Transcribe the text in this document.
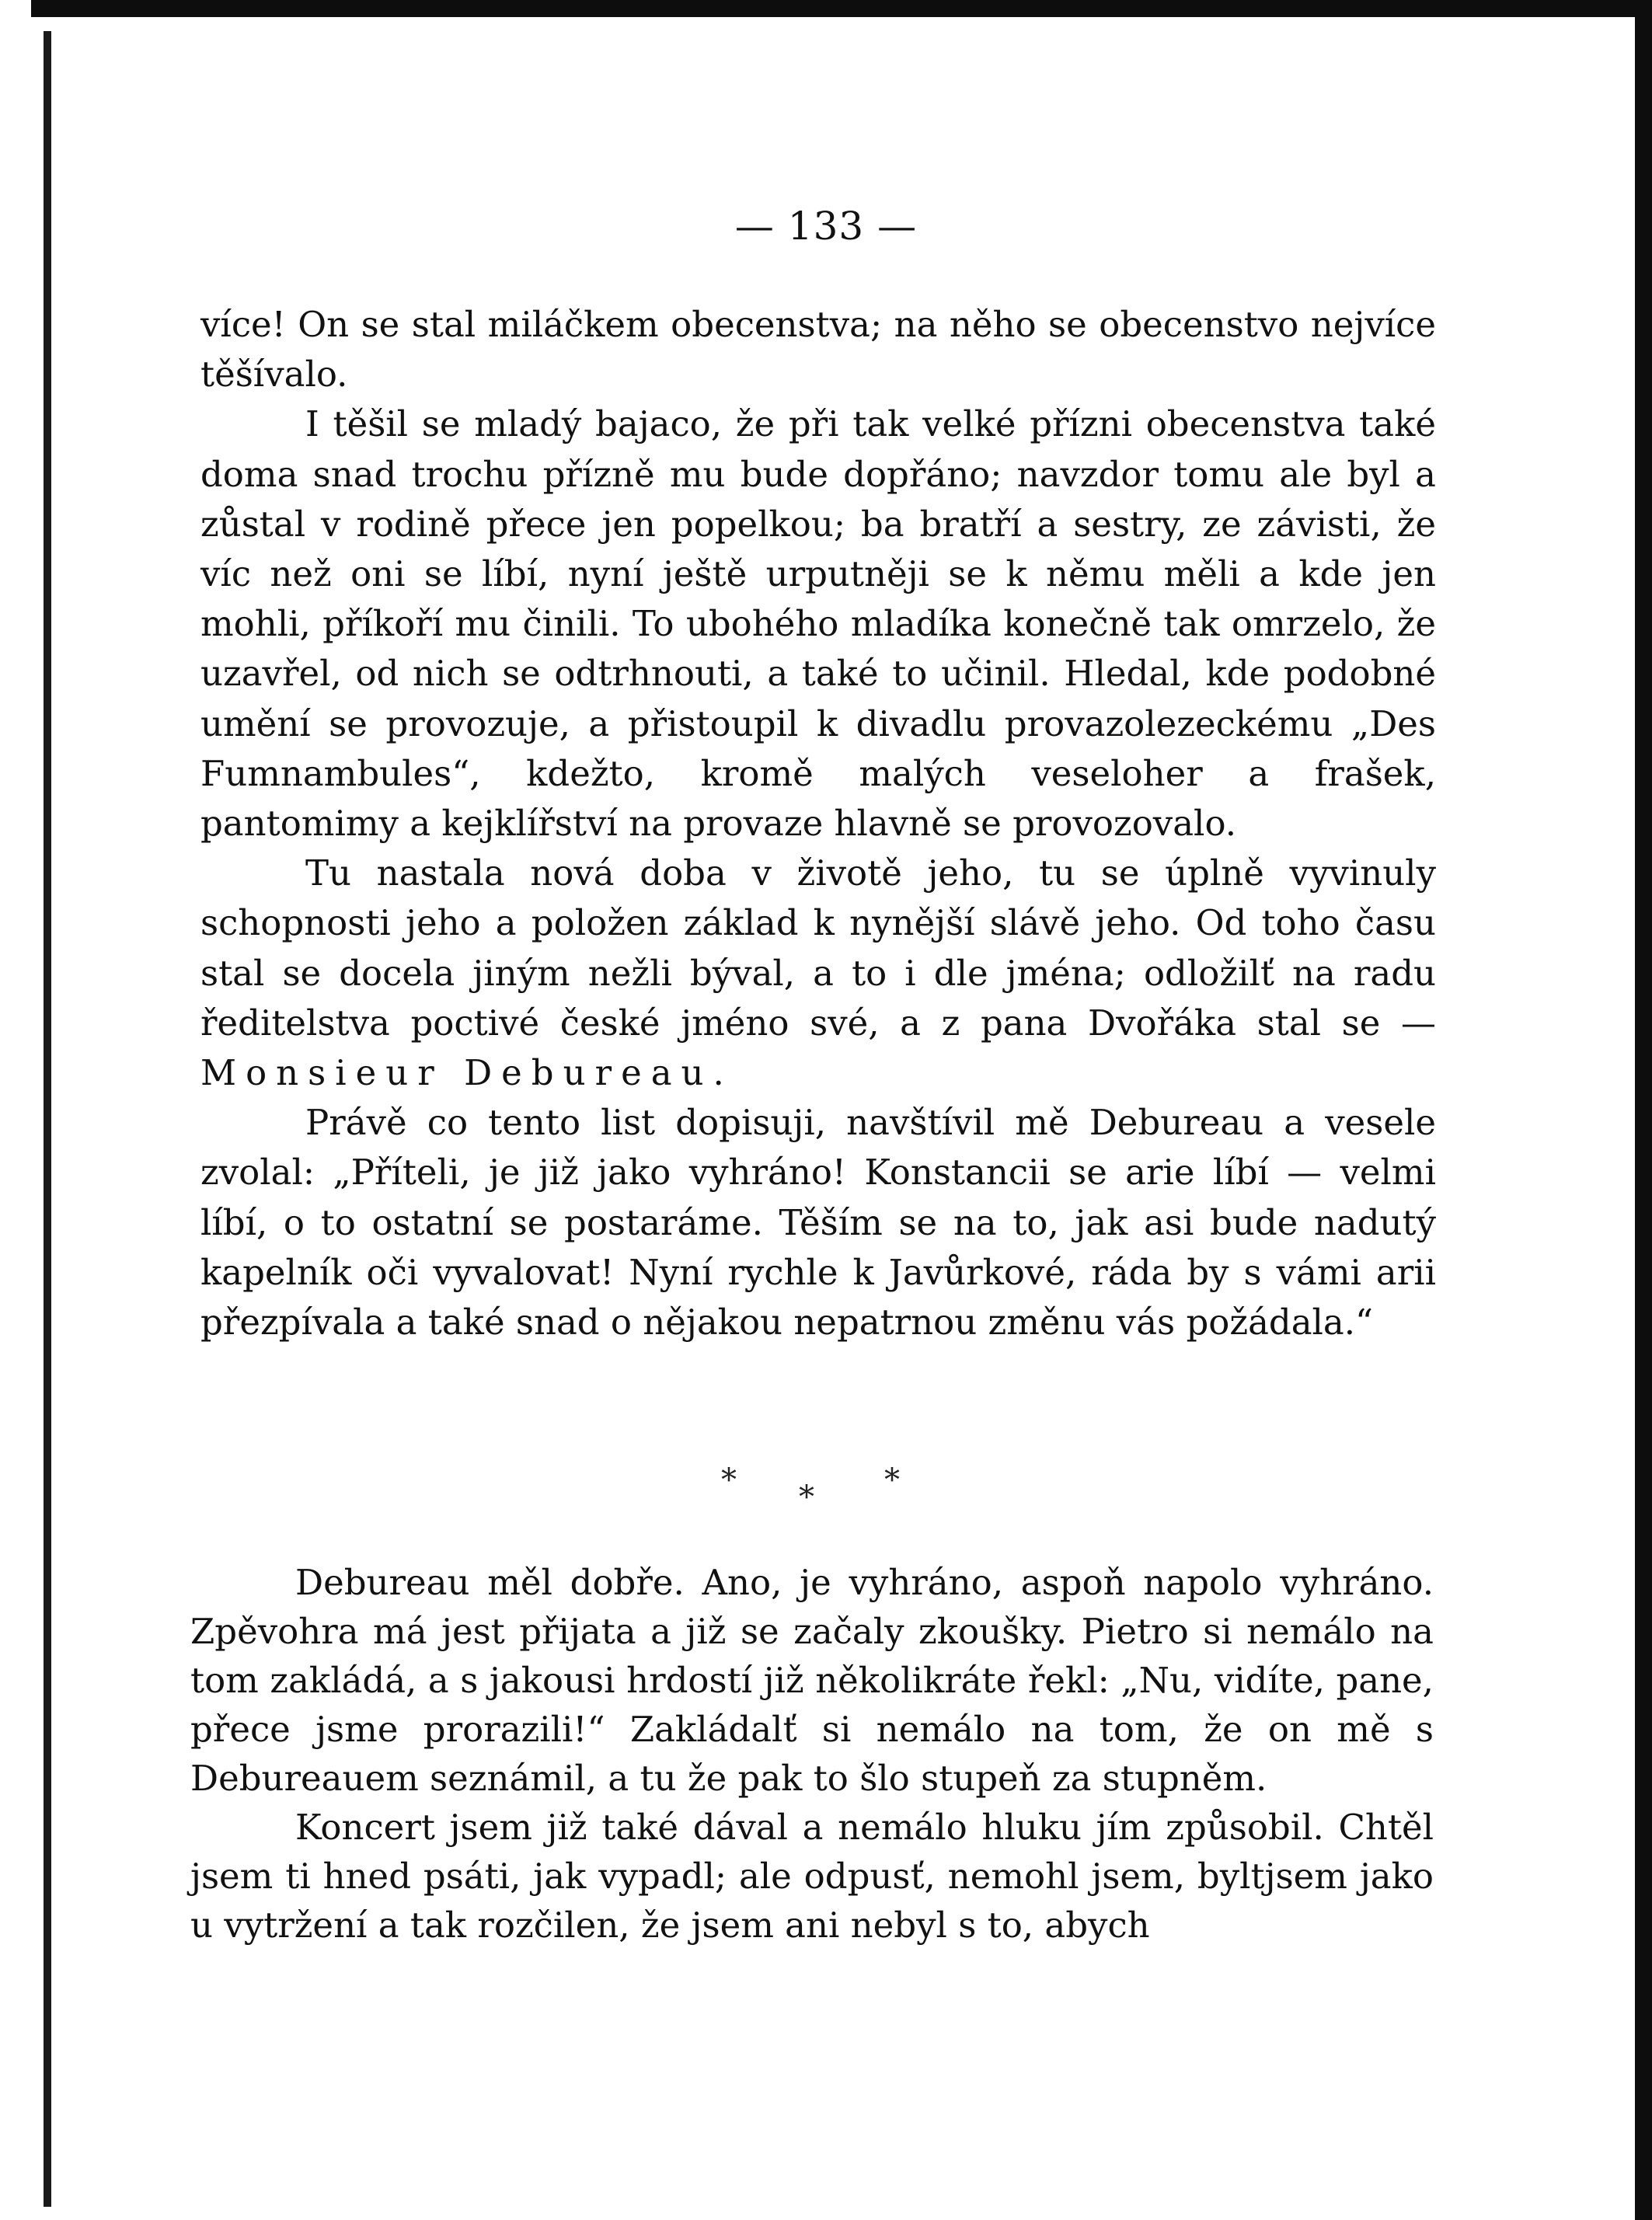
— 133 —

více! On se stal miláčkem obecenstva; na něho se obecenstvo nejvíce těšívalo.

I těšil se mladý bajaco, že při tak velké přízni obecenstva také doma snad trochu přízně mu bude dopřáno; navzdor tomu ale byl a zůstal v rodině přece jen popelkou; ba bratří a sestry, ze závisti, že víc než oni se líbí, nyní ještě urputněji se k němu měli a kde jen mohli, příkoří mu činili. To ubohého mladíka konečně tak omrzelo, že uzavřel, od nich se odtrhnouti, a také to učinil. Hledal, kde podobné umění se provozuje, a přistoupil k divadlu provazolezeckému „Des Fumnambules“, kdežto, kromě malých veseloher a frašek, pantomimy a kejklířství na provaze hlavně se provozovalo.

Tu nastala nová doba v životě jeho, tu se úplně vyvinuly schopnosti jeho a položen základ k nynější slávě jeho. Od toho času stal se docela jiným nežli býval, a to i dle jména; odložilť na radu ředitelstva poctivé české jméno své, a z pana Dvořáka stal se — Monsieur Debureau.

Právě co tento list dopisuji, navštívil mě Debureau a vesele zvolal: „Příteli, je již jako vyhráno! Konstancii se arie líbí — velmi líbí, o to ostatní se postaráme. Těším se na to, jak asi bude nadutý kapelník oči vyvalovat! Nyní rychle k Javůrkové, ráda by s vámi arii přezpívala a také snad o nějakou nepatrnou změnu vás požádala.“

* * *

Debureau měl dobře. Ano, je vyhráno, aspoň napolo vyhráno. Zpěvohra má jest přijata a již se začaly zkoušky. Pietro si nemálo na tom zakládá, a s jakousi hrdostí již několikráte řekl: „Nu, vidíte, pane, přece jsme prorazili!“ Zakládalť si nemálo na tom, že on mě s Debureauem seznámil, a tu že pak to šlo stupeň za stupněm.

Koncert jsem již také dával a nemálo hluku jím způsobil. Chtěl jsem ti hned psáti, jak vypadl; ale odpusť, nemohl jsem, byltjsem jako u vytržení a tak rozčilen, že jsem ani nebyl s to, abych
